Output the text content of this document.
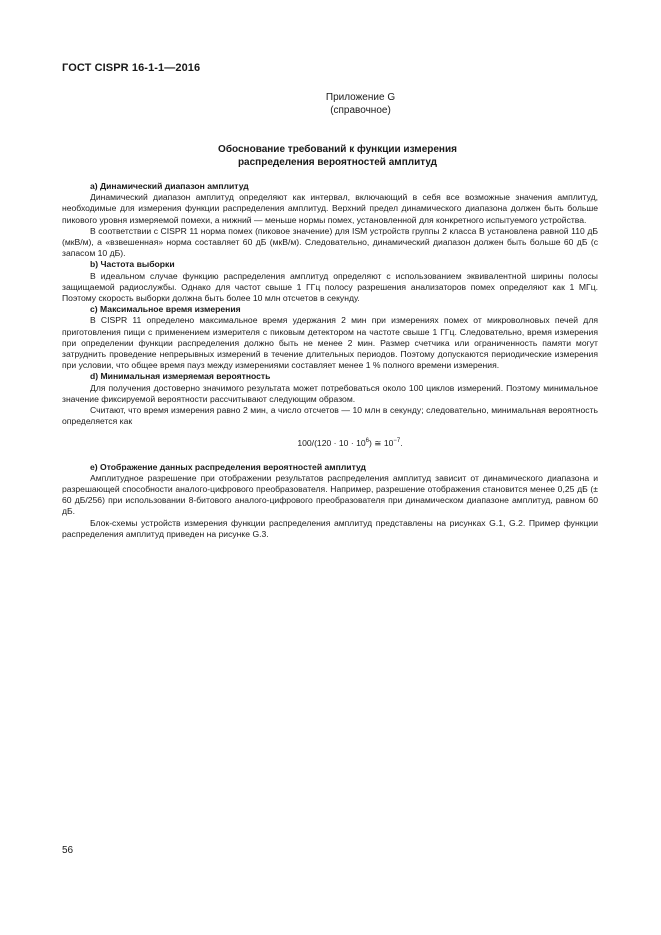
ГОСТ CISPR 16-1-1—2016
Приложение G
(справочное)
Обоснование требований к функции измерения
распределения вероятностей амплитуд

а) Динамический диапазон амплитуд

Динамический диапазон амплитуд определяют как интервал, включающий в себя все возможные значения амплитуд, необходимые для измерения функции распределения амплитуд. Верхний предел динамического диапазона должен быть больше пикового уровня измеряемой помехи, а нижний — меньше нормы помех, установленной для конкретного испытуемого устройства.

В соответствии с CISPR 11 норма помех (пиковое значение) для ISM устройств группы 2 класса В установлена равной 110 дБ (мкВ/м), а «взвешенная» норма составляет 60 дБ (мкВ/м). Следовательно, динамический диапазон должен быть больше 60 дБ (с запасом 10 дБ).

b) Частота выборки

В идеальном случае функцию распределения амплитуд определяют с использованием эквивалентной ширины полосы защищаемой радиослужбы. Однако для частот свыше 1 ГГц полосу разрешения анализаторов помех определяют как 1 МГц. Поэтому скорость выборки должна быть более 10 млн отсчетов в секунду.

с) Максимальное время измерения

В CISPR 11 определено максимальное время удержания 2 мин при измерениях помех от микроволновых печей для приготовления пищи с применением измерителя с пиковым детектором на частоте свыше 1 ГГц. Следовательно, время измерения при определении функции распределения должно быть не менее 2 мин. Размер счетчика или ограниченность памяти могут затруднить проведение непрерывных измерений в течение длительных периодов. Поэтому допускаются периодические измерения при условии, что общее время пауз между измерениями составляет менее 1 % полного времени измерения.

d) Минимальная измеряемая вероятность

Для получения достоверно значимого результата может потребоваться около 100 циклов измерений. Поэтому минимальное значение фиксируемой вероятности рассчитывают следующим образом.

Считают, что время измерения равно 2 мин, а число отсчетов — 10 млн в секунду; следовательно, минимальная вероятность определяется как

$100/(120 \cdot 10 \cdot 10^6)$ ≅ $10^{-7}$.

е) Отображение данных распределения вероятностей амплитуд

Амплитудное разрешение при отображении результатов распределения амплитуд зависит от динамического диапазона и разрешающей способности аналого-цифрового преобразователя. Например, разрешение отображения становится менее 0,25 дБ (± 60 дБ/256) при использовании 8-битового аналого-цифрового преобразователя при динамическом диапазоне амплитуд, равном 60 дБ.

Блок-схемы устройств измерения функции распределения амплитуд представлены на рисунках G.1, G.2. Пример функции распределения амплитуд приведен на рисунке G.3.

56
